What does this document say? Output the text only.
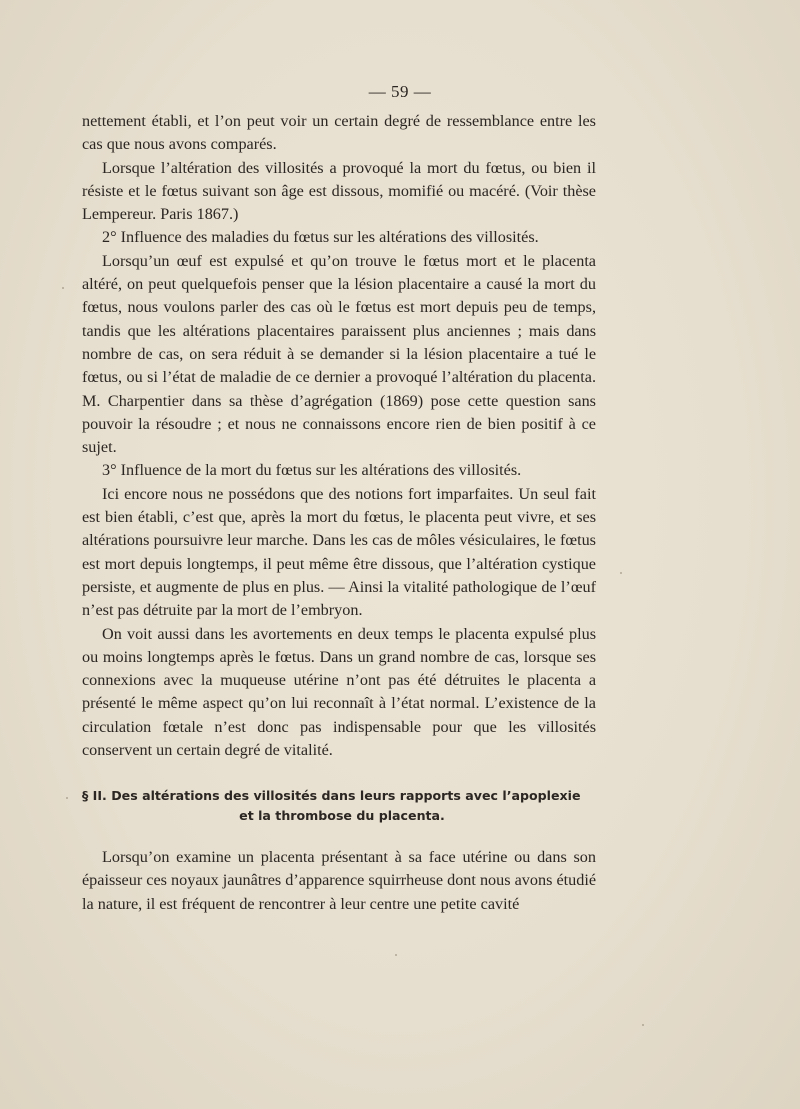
— 59 —

nettement établi, et l’on peut voir un certain degré de ressemblance entre les cas que nous avons comparés.

Lorsque l’altération des villosités a provoqué la mort du fœtus, ou bien il résiste et le fœtus suivant son âge est dissous, momifié ou macéré. (Voir thèse Lempereur. Paris 1867.)

2° Influence des maladies du fœtus sur les altérations des villosités.

Lorsqu’un œuf est expulsé et qu’on trouve le fœtus mort et le placenta altéré, on peut quelquefois penser que la lésion placentaire a causé la mort du fœtus, nous voulons parler des cas où le fœtus est mort depuis peu de temps, tandis que les altérations placentaires paraissent plus anciennes ; mais dans nombre de cas, on sera réduit à se demander si la lésion placentaire a tué le fœtus, ou si l’état de maladie de ce dernier a provoqué l’altération du placenta. M. Charpentier dans sa thèse d’agrégation (1869) pose cette question sans pouvoir la résoudre ; et nous ne connaissons encore rien de bien positif à ce sujet.

3° Influence de la mort du fœtus sur les altérations des villosités.

Ici encore nous ne possédons que des notions fort imparfaites. Un seul fait est bien établi, c’est que, après la mort du fœtus, le placenta peut vivre, et ses altérations poursuivre leur marche. Dans les cas de môles vésiculaires, le fœtus est mort depuis longtemps, il peut même être dissous, que l’altération cystique persiste, et augmente de plus en plus. — Ainsi la vitalité pathologique de l’œuf n’est pas détruite par la mort de l’embryon.

On voit aussi dans les avortements en deux temps le placenta expulsé plus ou moins longtemps après le fœtus. Dans un grand nombre de cas, lorsque ses connexions avec la muqueuse utérine n’ont pas été détruites le placenta a présenté le même aspect qu’on lui reconnaît à l’état normal. L’existence de la circulation fœtale n’est donc pas indispensable pour que les villosités conservent un certain degré de vitalité.

§ II. Des altérations des villosités dans leurs rapports avec l’apoplexie
et la thrombose du placenta.

Lorsqu’on examine un placenta présentant à sa face utérine ou dans son épaisseur ces noyaux jaunâtres d’apparence squirrheuse dont nous avons étudié la nature, il est fréquent de rencontrer à leur centre une petite cavité
